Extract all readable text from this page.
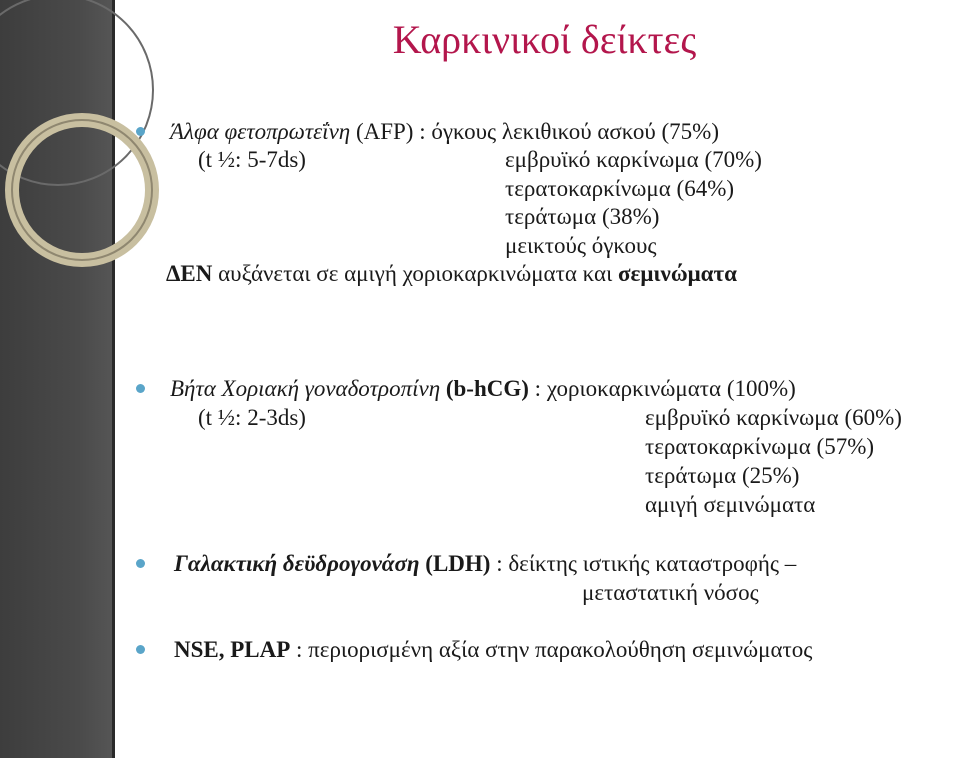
Καρκινικοί δείκτες
Άλφα φετοπρωτεΐνη (AFP) : όγκους λεκιθικού ασκού (75%)
(t ½: 5-7ds)	εμβρυϊκό καρκίνωμα (70%)
τερατοκαρκίνωμα (64%)
τεράτωμα (38%)
μεικτούς όγκους
ΔΕΝ αυξάνεται σε αμιγή χοριοκαρκινώματα και σεμινώματα
Βήτα Χοριακή γοναδοτροπίνη (b-hCG) : χοριοκαρκινώματα (100%)
(t ½: 2-3ds)	εμβρυϊκό καρκίνωμα (60%)
τερατοκαρκίνωμα (57%)
τεράτωμα (25%)
αμιγή σεμινώματα
Γαλακτική δεϋδρογονάση (LDH) : δείκτης ιστικής καταστροφής –
μεταστατική νόσος
NSE, PLAP : περιορισμένη αξία στην παρακολούθηση σεμινώματος
